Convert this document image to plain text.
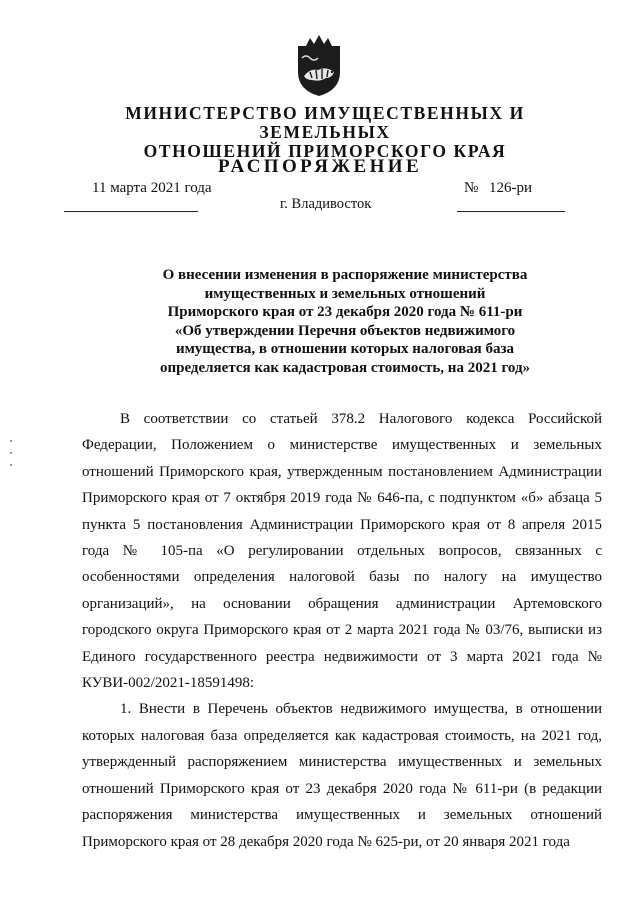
МИНИСТЕРСТВО ИМУЩЕСТВЕННЫХ И ЗЕМЕЛЬНЫХ
ОТНОШЕНИЙ ПРИМОРСКОГО КРАЯ
РАСПОРЯЖЕНИЕ
11 марта 2021 года	№ 126-ри
г. Владивосток
О внесении изменения в распоряжение министерства
имущественных и земельных отношений
Приморского края от 23 декабря 2020 года № 611-ри
«Об утверждении Перечня объектов недвижимого
имущества, в отношении которых налоговая база
определяется как кадастровая стоимость, на 2021 год»

В соответствии со статьей 378.2 Налогового кодекса Российской Федерации, Положением о министерстве имущественных и земельных отношений Приморского края, утвержденным постановлением Администрации Приморского края от 7 октября 2019 года № 646-па, с подпунктом «б» абзаца 5 пункта 5 постановления Администрации Приморского края от 8 апреля 2015 года № 105-па «О регулировании отдельных вопросов, связанных с особенностями определения налоговой базы по налогу на имущество организаций», на основании обращения администрации Артемовского городского округа Приморского края от 2 марта 2021 года № 03/76, выписки из Единого государственного реестра недвижимости от 3 марта 2021 года № КУВИ-002/2021-18591498:

1. Внести в Перечень объектов недвижимого имущества, в отношении которых налоговая база определяется как кадастровая стоимость, на 2021 год, утвержденный распоряжением министерства имущественных и земельных отношений Приморского края от 23 декабря 2020 года № 611-ри (в редакции распоряжения министерства имущественных и земельных отношений Приморского края от 28 декабря 2020 года № 625-ри, от 20 января 2021 года
